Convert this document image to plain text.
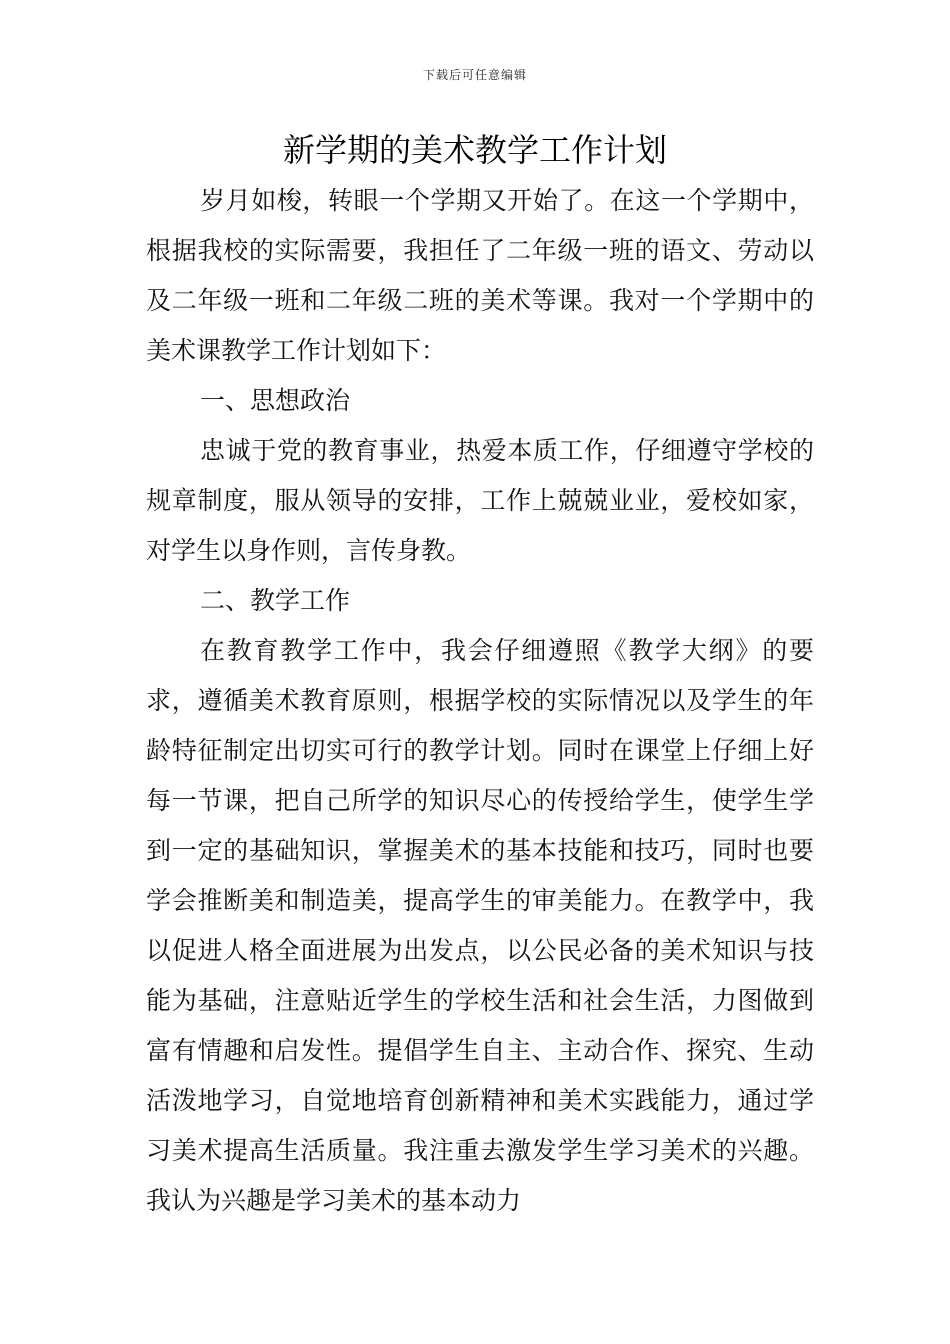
下载后可任意编辑
新学期的美术教学工作计划

岁月如梭，转眼一个学期又开始了。在这一个学期中，根据我校的实际需要，我担任了二年级一班的语文、劳动以及二年级一班和二年级二班的美术等课。我对一个学期中的美术课教学工作计划如下：

一、思想政治

忠诚于党的教育事业，热爱本质工作，仔细遵守学校的规章制度，服从领导的安排，工作上兢兢业业，爱校如家，对学生以身作则，言传身教。

二、教学工作

在教育教学工作中，我会仔细遵照《教学大纲》的要求，遵循美术教育原则，根据学校的实际情况以及学生的年龄特征制定出切实可行的教学计划。同时在课堂上仔细上好每一节课，把自己所学的知识尽心的传授给学生，使学生学到一定的基础知识，掌握美术的基本技能和技巧，同时也要学会推断美和制造美，提高学生的审美能力。在教学中，我以促进人格全面进展为出发点，以公民必备的美术知识与技能为基础，注意贴近学生的学校生活和社会生活，力图做到富有情趣和启发性。提倡学生自主、主动合作、探究、生动活泼地学习，自觉地培育创新精神和美术实践能力，通过学习美术提高生活质量。我注重去激发学生学习美术的兴趣。我认为兴趣是学习美术的基本动力
